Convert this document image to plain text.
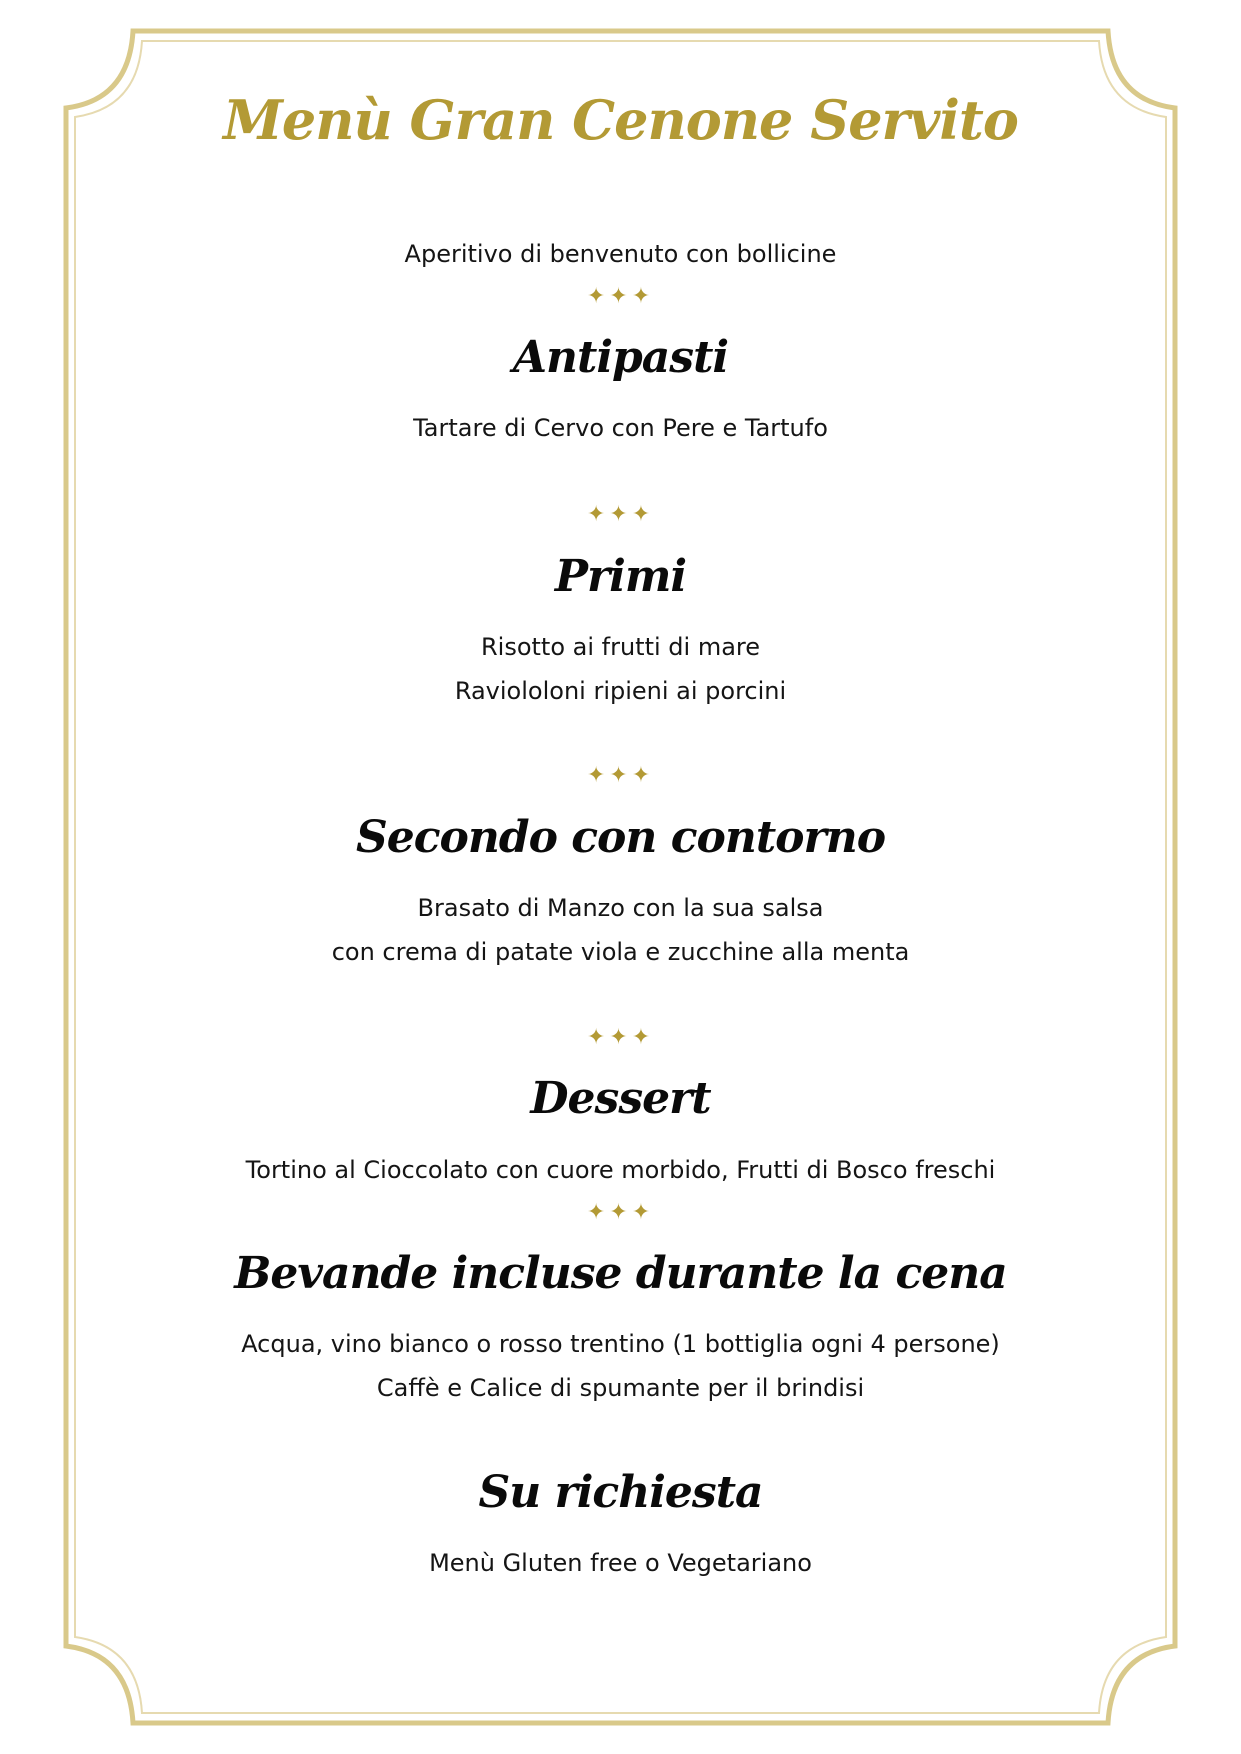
Menù Gran Cenone Servito
Aperitivo di benvenuto con bollicine
✦✦✦
Antipasti
Tartare di Cervo con Pere e Tartufo
✦✦✦
Primi
Risotto ai frutti di mare
Raviololoni ripieni ai porcini
✦✦✦
Secondo con contorno
Brasato di Manzo con la sua salsa
con crema di patate viola e zucchine alla menta
✦✦✦
Dessert
Tortino al Cioccolato con cuore morbido, Frutti di Bosco freschi
✦✦✦
Bevande incluse durante la cena
Acqua, vino bianco o rosso trentino (1 bottiglia ogni 4 persone)
Caffè e Calice di spumante per il brindisi
Su richiesta
Menù Gluten free o Vegetariano
